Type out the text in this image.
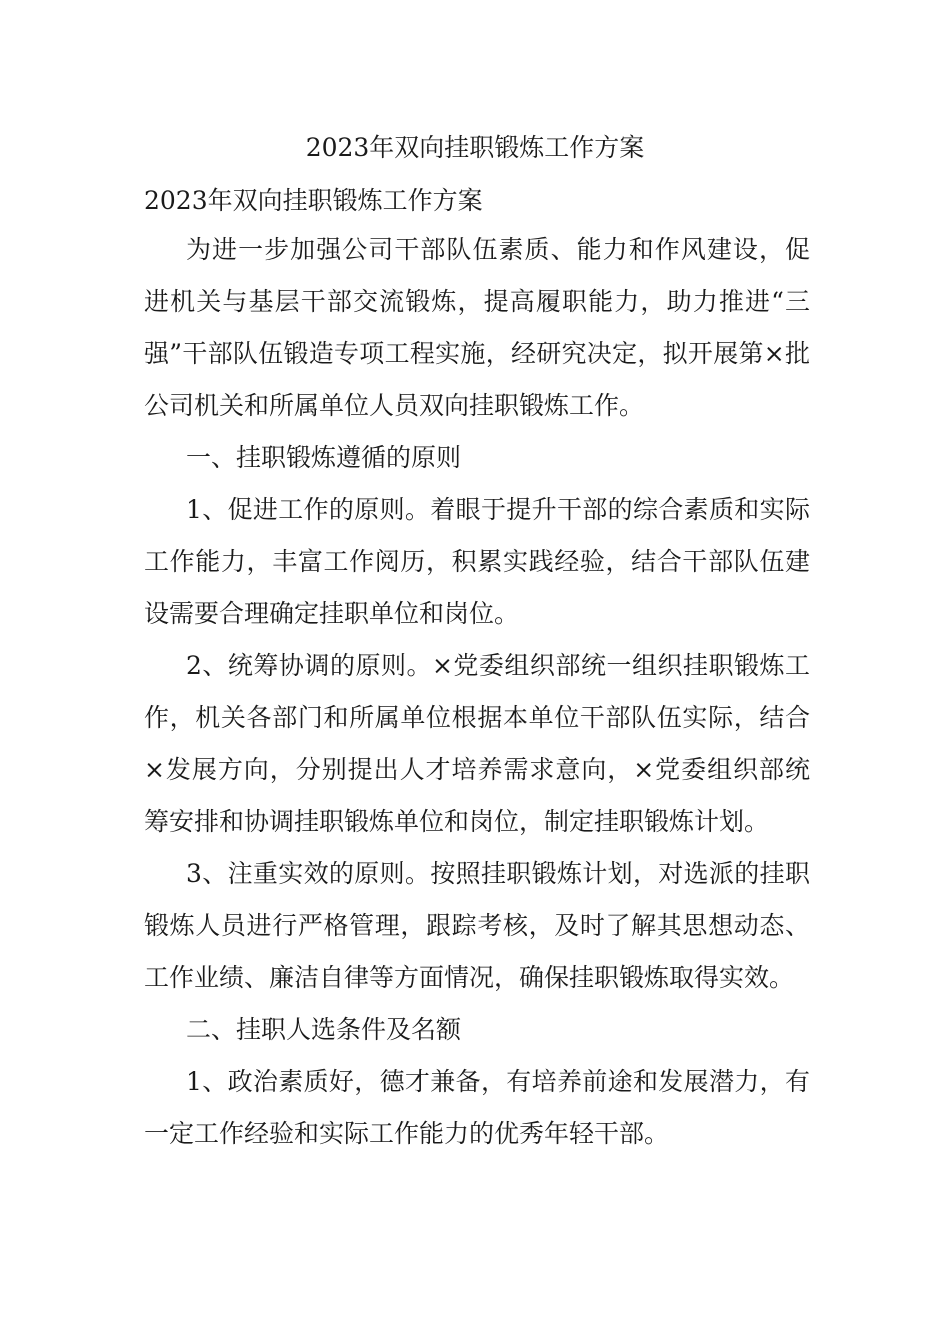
2023年双向挂职锻炼工作方案
2023年双向挂职锻炼工作方案

为进一步加强公司干部队伍素质、能力和作风建设，促进机关与基层干部交流锻炼，提高履职能力，助力推进“三强”干部队伍锻造专项工程实施，经研究决定，拟开展第×批公司机关和所属单位人员双向挂职锻炼工作。

一、挂职锻炼遵循的原则

1、促进工作的原则。着眼于提升干部的综合素质和实际工作能力，丰富工作阅历，积累实践经验，结合干部队伍建设需要合理确定挂职单位和岗位。

2、统筹协调的原则。×党委组织部统一组织挂职锻炼工作，机关各部门和所属单位根据本单位干部队伍实际，结合×发展方向，分别提出人才培养需求意向，×党委组织部统筹安排和协调挂职锻炼单位和岗位，制定挂职锻炼计划。

3、注重实效的原则。按照挂职锻炼计划，对选派的挂职锻炼人员进行严格管理，跟踪考核，及时了解其思想动态、工作业绩、廉洁自律等方面情况，确保挂职锻炼取得实效。

二、挂职人选条件及名额

1、政治素质好，德才兼备，有培养前途和发展潜力，有一定工作经验和实际工作能力的优秀年轻干部。
